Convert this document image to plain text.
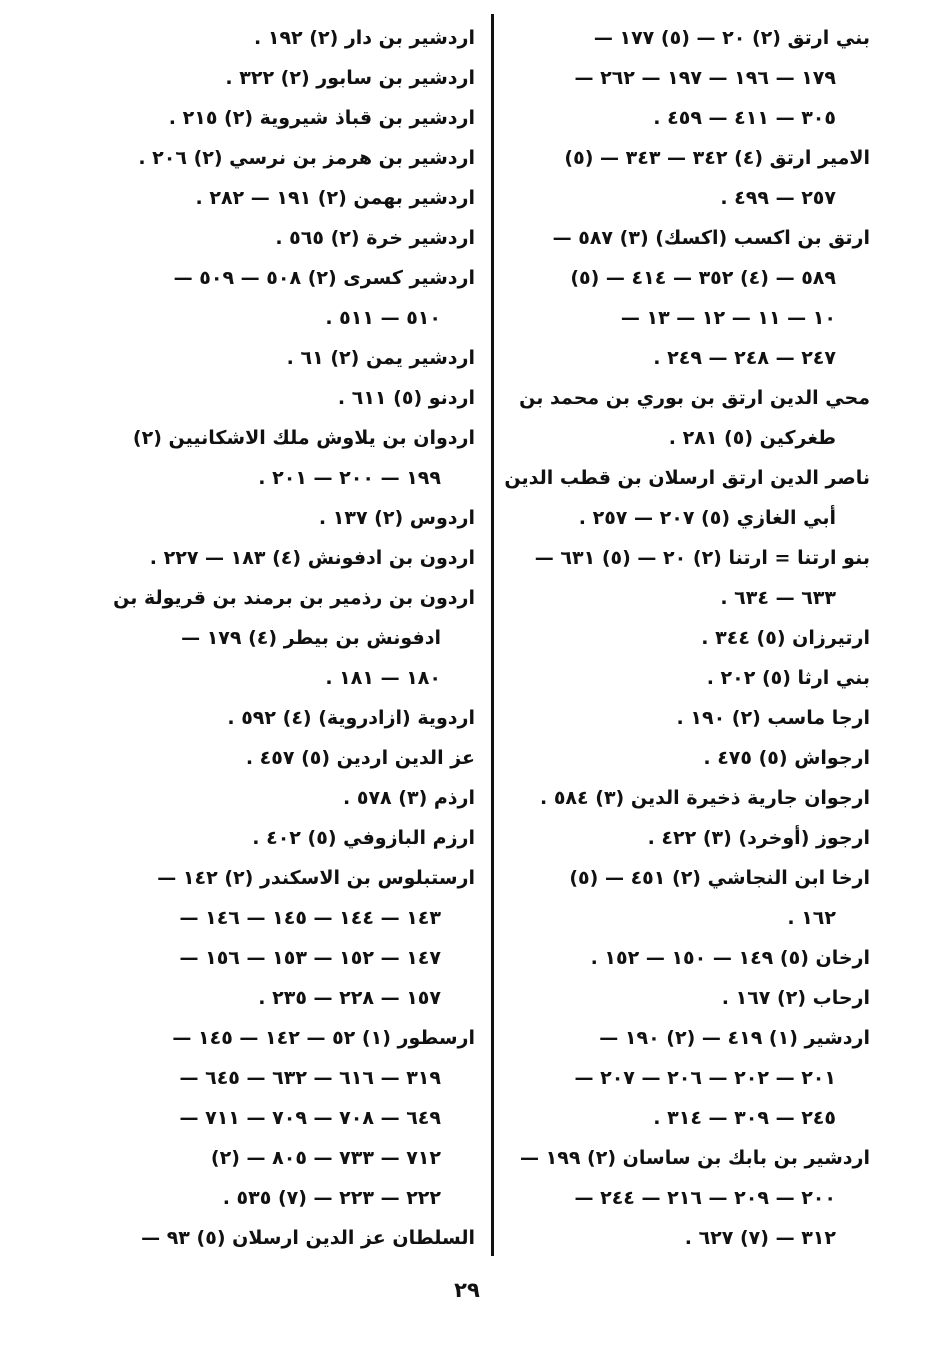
بني ارتق (٢) ٢٠ — (٥) ١٧٧ —
١٧٩ — ١٩٦ — ١٩٧ — ٢٦٢ —
٣٠٥ — ٤١١ — ٤٥٩ .
الامير ارتق (٤) ٣٤٢ — ٣٤٣ — (٥)
٢٥٧ — ٤٩٩ .
ارتق بن اكسب (اكسك) (٣) ٥٨٧ —
٥٨٩ — (٤) ٣٥٢ — ٤١٤ — (٥)
١٠ — ١١ — ١٢ — ١٣ —
٢٤٧ — ٢٤٨ — ٢٤٩ .
محي الدين ارتق بن بوري بن محمد بن
طغركين (٥) ٢٨١ .
ناصر الدين ارتق ارسلان بن قطب الدين
أبي الغازي (٥) ٢٠٧ — ٢٥٧ .
بنو ارتنا = ارتنا (٢) ٢٠ — (٥) ٦٣١ —
٦٣٣ — ٦٣٤ .
ارتيرزان (٥) ٣٤٤ .
بني ارثا (٥) ٢٠٢ .
ارجا ماسب (٢) ١٩٠ .
ارجواش (٥) ٤٧٥ .
ارجوان جارية ذخيرة الدين (٣) ٥٨٤ .
ارجوز (أوخرد) (٣) ٤٢٢ .
ارخا ابن النجاشي (٢) ٤٥١ — (٥)
١٦٢ .
ارخان (٥) ١٤٩ — ١٥٠ — ١٥٢ .
ارحاب (٢) ١٦٧ .
اردشير (١) ٤١٩ — (٢) ١٩٠ —
٢٠١ — ٢٠٢ — ٢٠٦ — ٢٠٧ —
٢٤٥ — ٣٠٩ — ٣١٤ .
اردشير بن بابك بن ساسان (٢) ١٩٩ —
٢٠٠ — ٢٠٩ — ٢١٦ — ٢٤٤ —
٣١٢ — (٧) ٦٢٧ .
اردشير بن دار (٢) ١٩٢ .
اردشير بن سابور (٢) ٣٢٢ .
اردشير بن قباذ شيروية (٢) ٢١٥ .
اردشير بن هرمز بن نرسي (٢) ٢٠٦ .
اردشير بهمن (٢) ١٩١ — ٢٨٢ .
اردشير خرة (٢) ٥٦٥ .
اردشير كسرى (٢) ٥٠٨ — ٥٠٩ —
٥١٠ — ٥١١ .
اردشير يمن (٢) ٦١ .
اردنو (٥) ٦١١ .
اردوان بن يلاوش ملك الاشكانيين (٢)
١٩٩ — ٢٠٠ — ٢٠١ .
اردوس (٢) ١٣٧ .
اردون بن ادفونش (٤) ١٨٣ — ٢٢٧ .
اردون بن رذمير بن برمند بن قريولة بن
ادفونش بن بيطر (٤) ١٧٩ —
١٨٠ — ١٨١ .
اردوية (ازادروية) (٤) ٥٩٢ .
عز الدين اردين (٥) ٤٥٧ .
ارذم (٣) ٥٧٨ .
ارزم البازوفي (٥) ٤٠٢ .
ارستبلوس بن الاسكندر (٢) ١٤٢ —
١٤٣ — ١٤٤ — ١٤٥ — ١٤٦ —
١٤٧ — ١٥٢ — ١٥٣ — ١٥٦ —
١٥٧ — ٢٢٨ — ٢٣٥ .
ارسطور (١) ٥٢ — ١٤٢ — ١٤٥ —
٣١٩ — ٦١٦ — ٦٣٢ — ٦٤٥ —
٦٤٩ — ٧٠٨ — ٧٠٩ — ٧١١ —
٧١٢ — ٧٣٣ — ٨٠٥ — (٢)
٢٢٢ — ٢٢٣ — (٧) ٥٣٥ .
السلطان عز الدين ارسلان (٥) ٩٣ —
٢٩
